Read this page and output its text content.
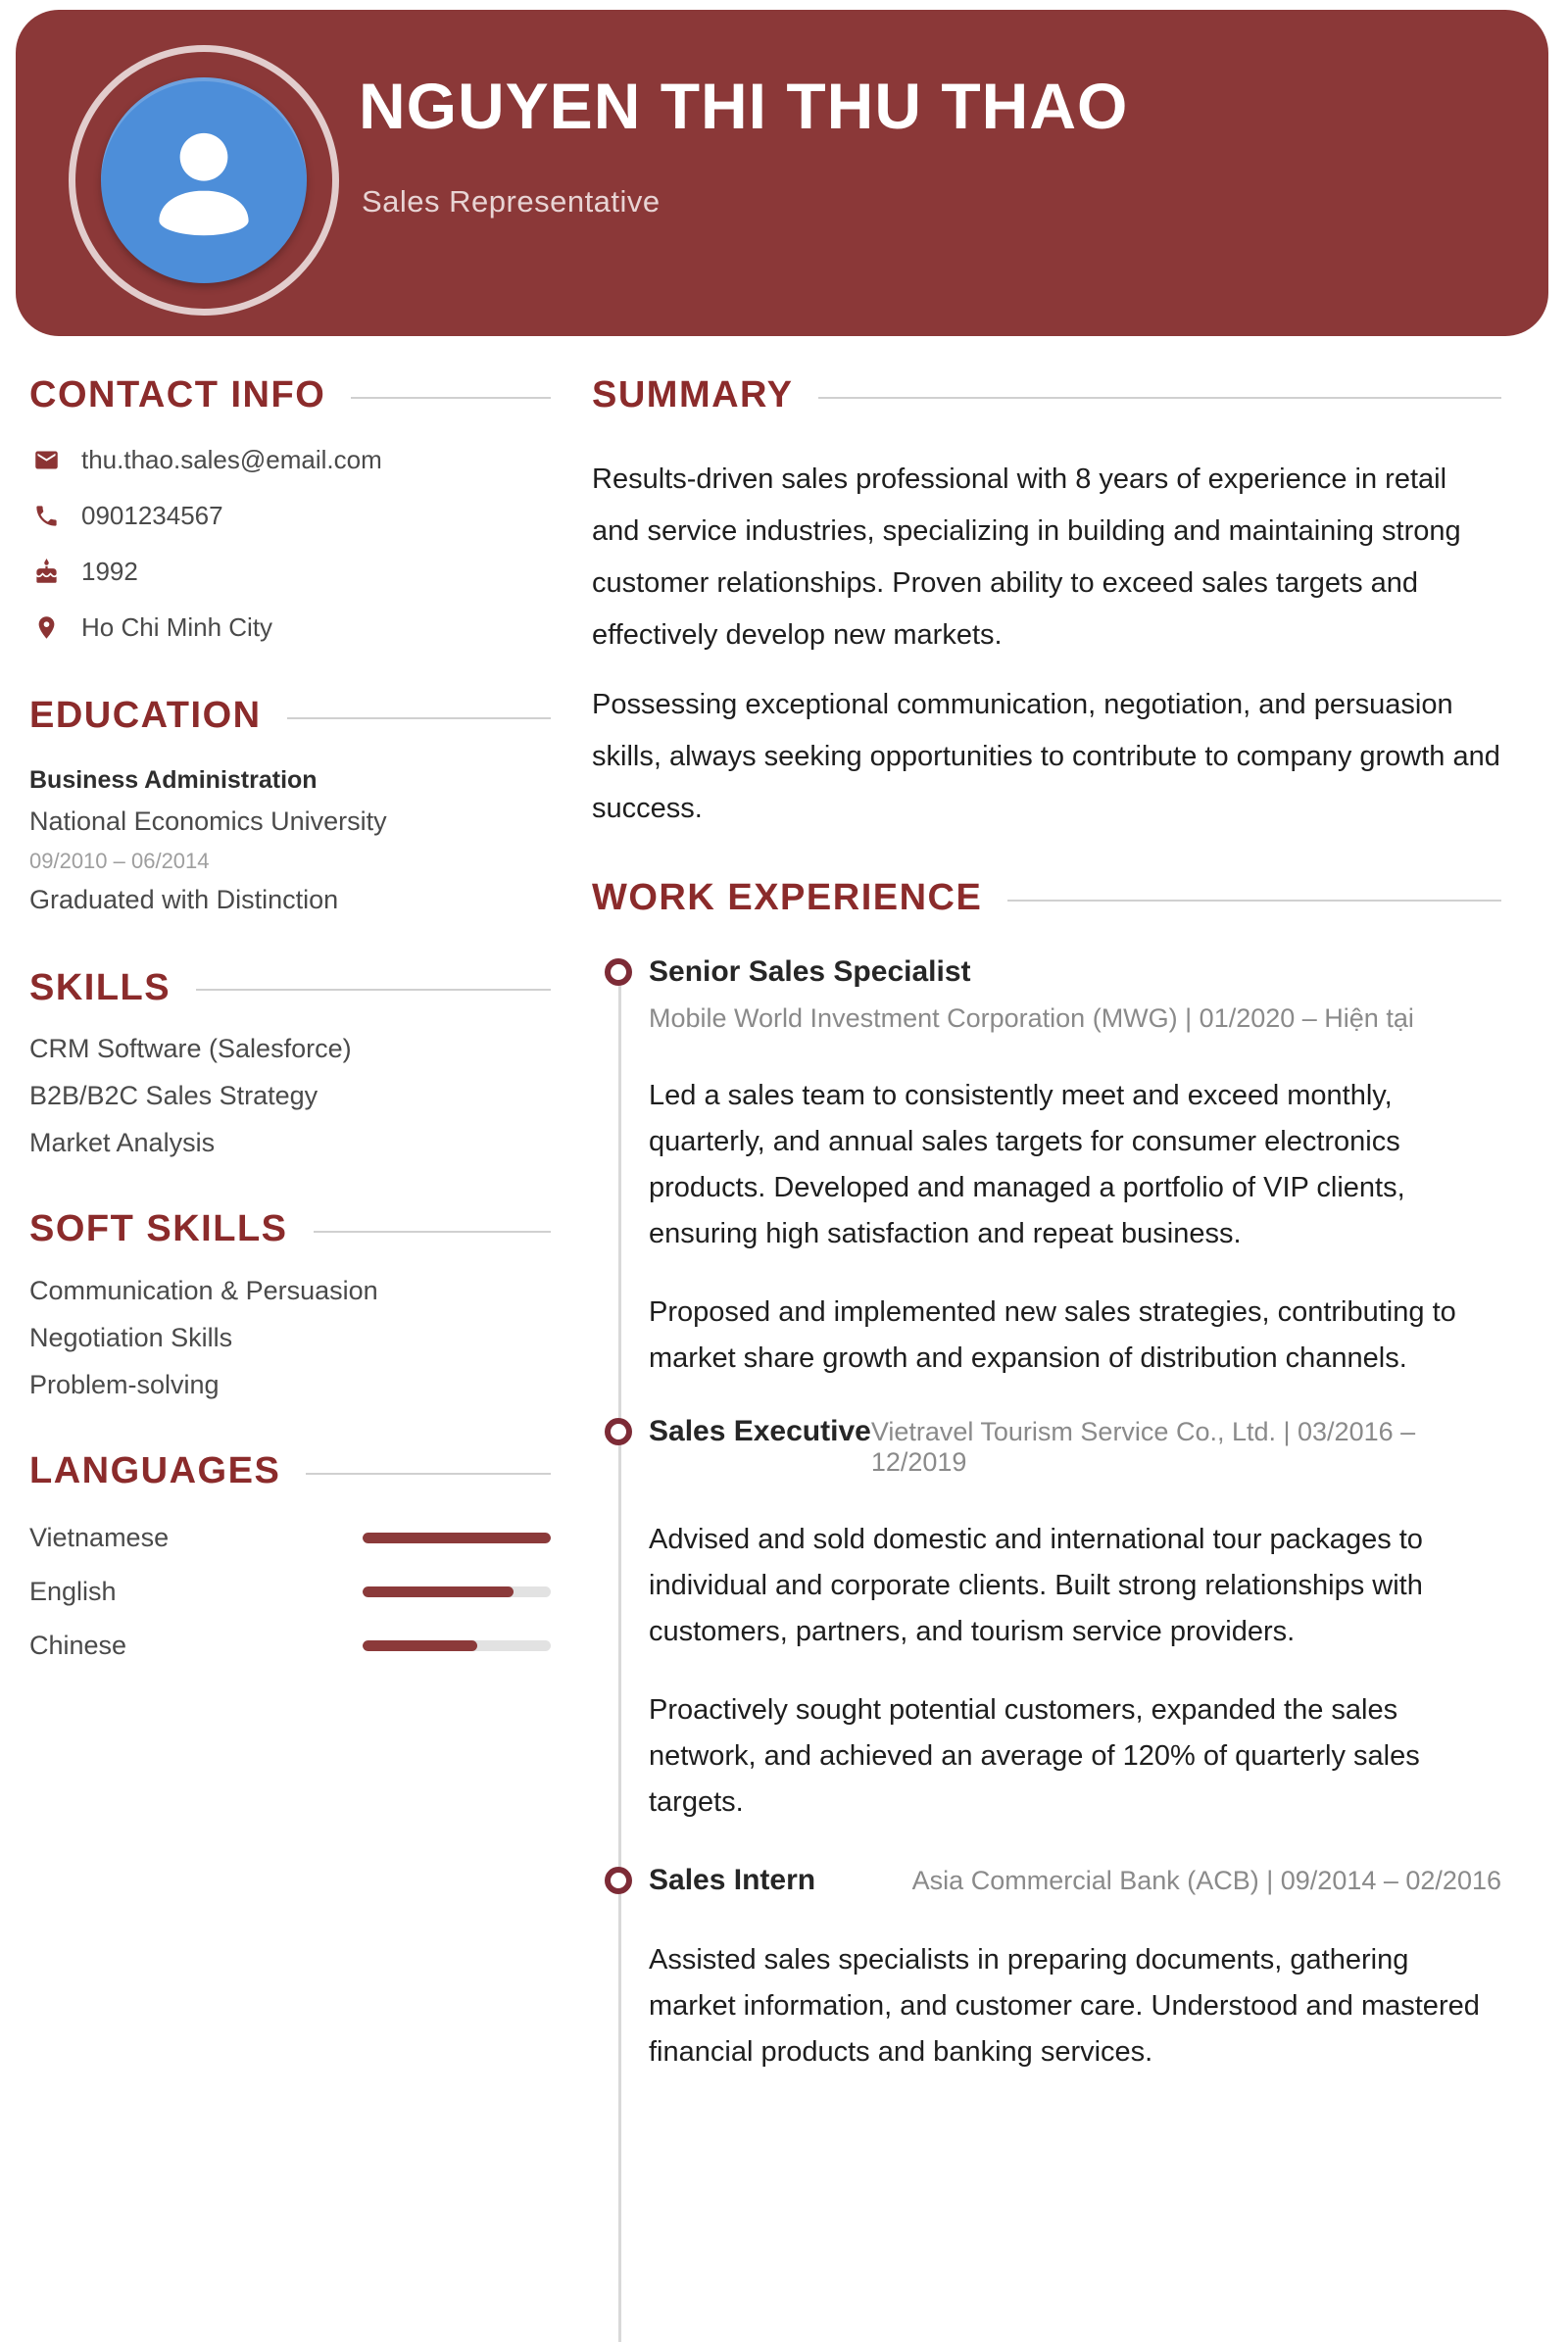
NGUYEN THI THU THAO
Sales Representative
CONTACT INFO
thu.thao.sales@email.com
0901234567
1992
Ho Chi Minh City
EDUCATION
Business Administration
National Economics University
09/2010 – 06/2014
Graduated with Distinction
SKILLS
CRM Software (Salesforce)
B2B/B2C Sales Strategy
Market Analysis
SOFT SKILLS
Communication & Persuasion
Negotiation Skills
Problem-solving
LANGUAGES
Vietnamese
English
Chinese
SUMMARY

Results-driven sales professional with 8 years of experience in retail and service industries, specializing in building and maintaining strong customer relationships. Proven ability to exceed sales targets and effectively develop new markets.

Possessing exceptional communication, negotiation, and persuasion skills, always seeking opportunities to contribute to company growth and success.

WORK EXPERIENCE
Senior Sales Specialist
Mobile World Investment Corporation (MWG) | 01/2020 – Hiện tại

Led a sales team to consistently meet and exceed monthly, quarterly, and annual sales targets for consumer electronics products. Developed and managed a portfolio of VIP clients, ensuring high satisfaction and repeat business.

Proposed and implemented new sales strategies, contributing to market share growth and expansion of distribution channels.

Sales Executive Vietravel Tourism Service Co., Ltd. | 03/2016 – 12/2019

Advised and sold domestic and international tour packages to individual and corporate clients. Built strong relationships with customers, partners, and tourism service providers.

Proactively sought potential customers, expanded the sales network, and achieved an average of 120% of quarterly sales targets.

Sales Intern	Asia Commercial Bank (ACB) | 09/2014 – 02/2016

Assisted sales specialists in preparing documents, gathering market information, and customer care. Understood and mastered financial products and banking services.
